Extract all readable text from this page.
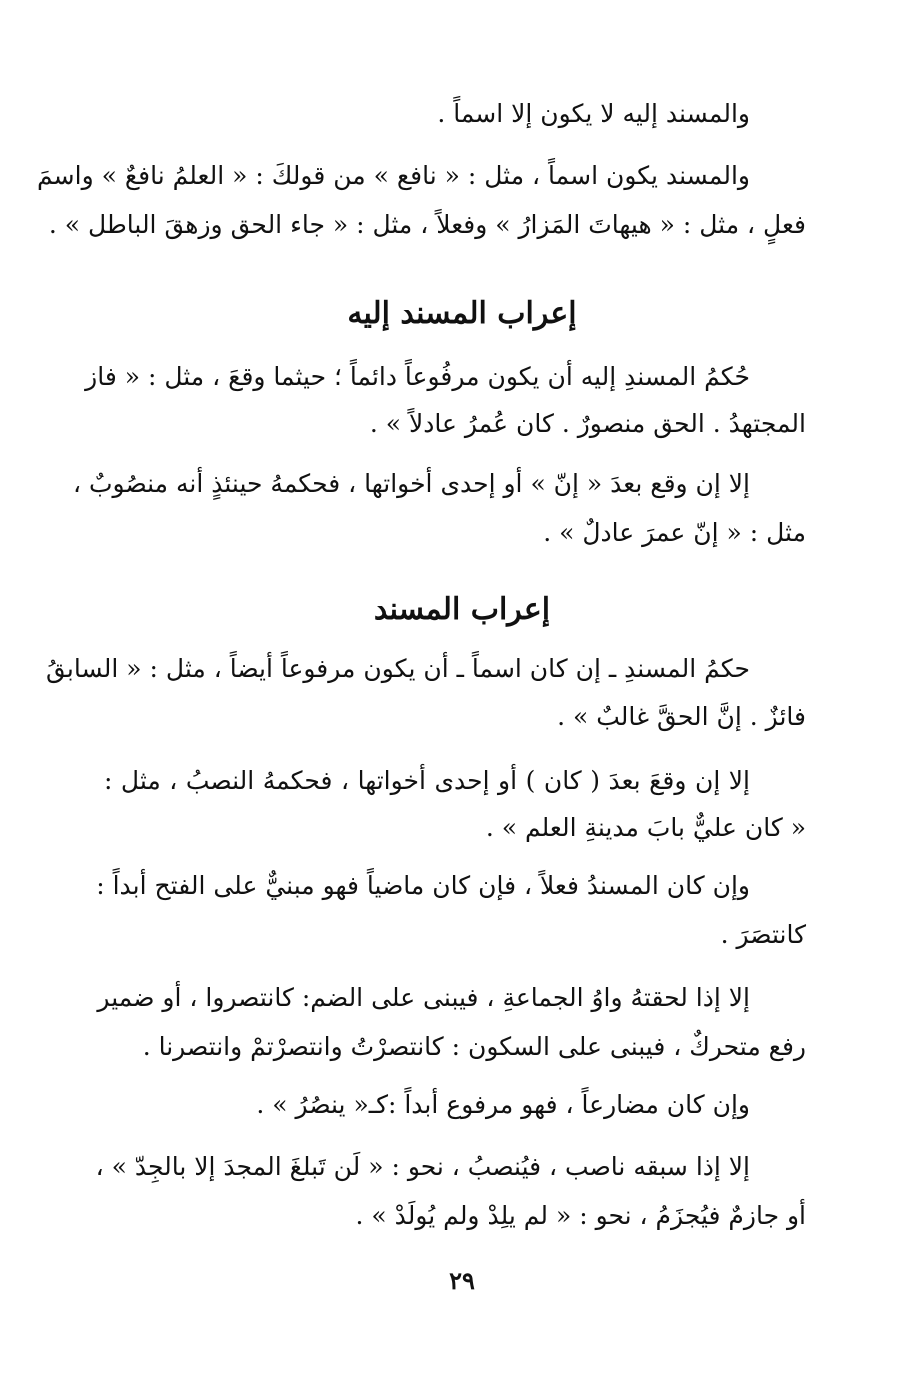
والمسند إليه لا يكون إلا اسماً .
والمسند يكون اسماً ، مثل : « نافع » من قولكَ : « العلمُ نافعٌ » واسمَ
فعلٍ ، مثل : « هيهاتَ المَزارُ » وفعلاً ، مثل : « جاء الحق وزهقَ الباطل » .
إعراب المسند إليه
حُكمُ المسندِ إليه أن يكون مرفُوعاً دائماً ؛ حيثما وقعَ ، مثل : « فاز
المجتهدُ . الحق منصورٌ . كان عُمرُ عادلاً » .
إلا إن وقع بعدَ « إنّ » أو إحدى أخواتها ، فحكمهُ حينئذٍ أنه منصُوبٌ ،
مثل : « إنّ عمرَ عادلٌ » .
إعراب المسند
حكمُ المسندِ ـ إن كان اسماً ـ أن يكون مرفوعاً أيضاً ، مثل : « السابقُ
فائزٌ . إنَّ الحقَّ غالبٌ » .
إلا إن وقعَ بعدَ ( كان ) أو إحدى أخواتها ، فحكمهُ النصبُ ، مثل :
« كان عليٌّ بابَ مدينةِ العلم » .
وإن كان المسندُ فعلاً ، فإن كان ماضياً فهو مبنيٌّ على الفتح أبداً :
كانتصَرَ .
إلا إذا لحقتهُ واوُ الجماعةِ ، فيبنى على الضم: كانتصروا ، أو ضمير
رفع متحركٌ ، فيبنى على السكون : كانتصرْتُ وانتصرْتمْ وانتصرنا .
وإن كان مضارعاً ، فهو مرفوع أبداً :كـ« ينصُرُ » .
إلا إذا سبقه ناصب ، فيُنصبُ ، نحو : « لَن تَبلغَ المجدَ إلا بالجِدّ » ،
أو جازمٌ فيُجزَمُ ، نحو : « لم يلِدْ ولم يُولَدْ » .
٢٩
